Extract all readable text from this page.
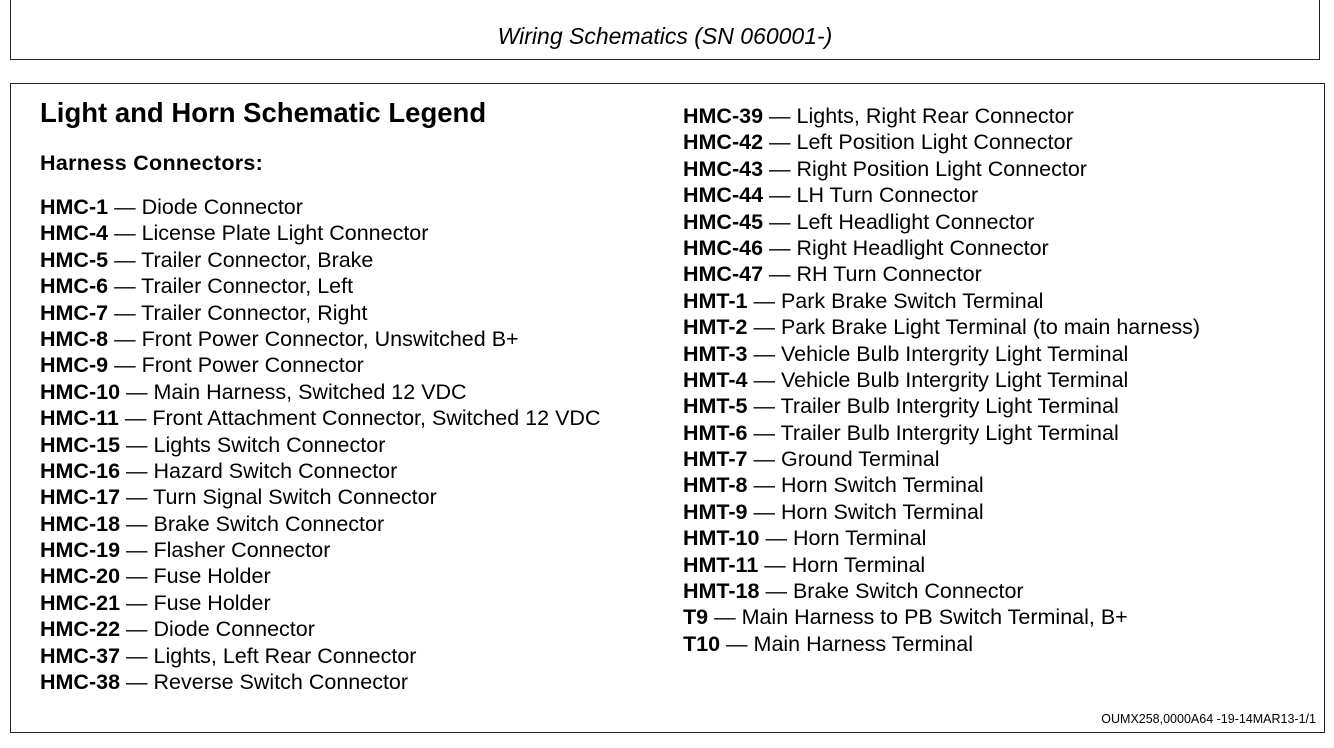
Wiring Schematics (SN 060001-)
Light and Horn Schematic Legend
Harness Connectors:
HMC-1 — Diode Connector
HMC-4 — License Plate Light Connector
HMC-5 — Trailer Connector, Brake
HMC-6 — Trailer Connector, Left
HMC-7 — Trailer Connector, Right
HMC-8 — Front Power Connector, Unswitched B+
HMC-9 — Front Power Connector
HMC-10 — Main Harness, Switched 12 VDC
HMC-11 — Front Attachment Connector, Switched 12 VDC
HMC-15 — Lights Switch Connector
HMC-16 — Hazard Switch Connector
HMC-17 — Turn Signal Switch Connector
HMC-18 — Brake Switch Connector
HMC-19 — Flasher Connector
HMC-20 — Fuse Holder
HMC-21 — Fuse Holder
HMC-22 — Diode Connector
HMC-37 — Lights, Left Rear Connector
HMC-38 — Reverse Switch Connector
HMC-39 — Lights, Right Rear Connector
HMC-42 — Left Position Light Connector
HMC-43 — Right Position Light Connector
HMC-44 — LH Turn Connector
HMC-45 — Left Headlight Connector
HMC-46 — Right Headlight Connector
HMC-47 — RH Turn Connector
HMT-1 — Park Brake Switch Terminal
HMT-2 — Park Brake Light Terminal (to main harness)
HMT-3 — Vehicle Bulb Intergrity Light Terminal
HMT-4 — Vehicle Bulb Intergrity Light Terminal
HMT-5 — Trailer Bulb Intergrity Light Terminal
HMT-6 — Trailer Bulb Intergrity Light Terminal
HMT-7 — Ground Terminal
HMT-8 — Horn Switch Terminal
HMT-9 — Horn Switch Terminal
HMT-10 — Horn Terminal
HMT-11 — Horn Terminal
HMT-18 — Brake Switch Connector
T9 — Main Harness to PB Switch Terminal, B+
T10 — Main Harness Terminal
OUMX258,0000A64 -19-14MAR13-1/1
